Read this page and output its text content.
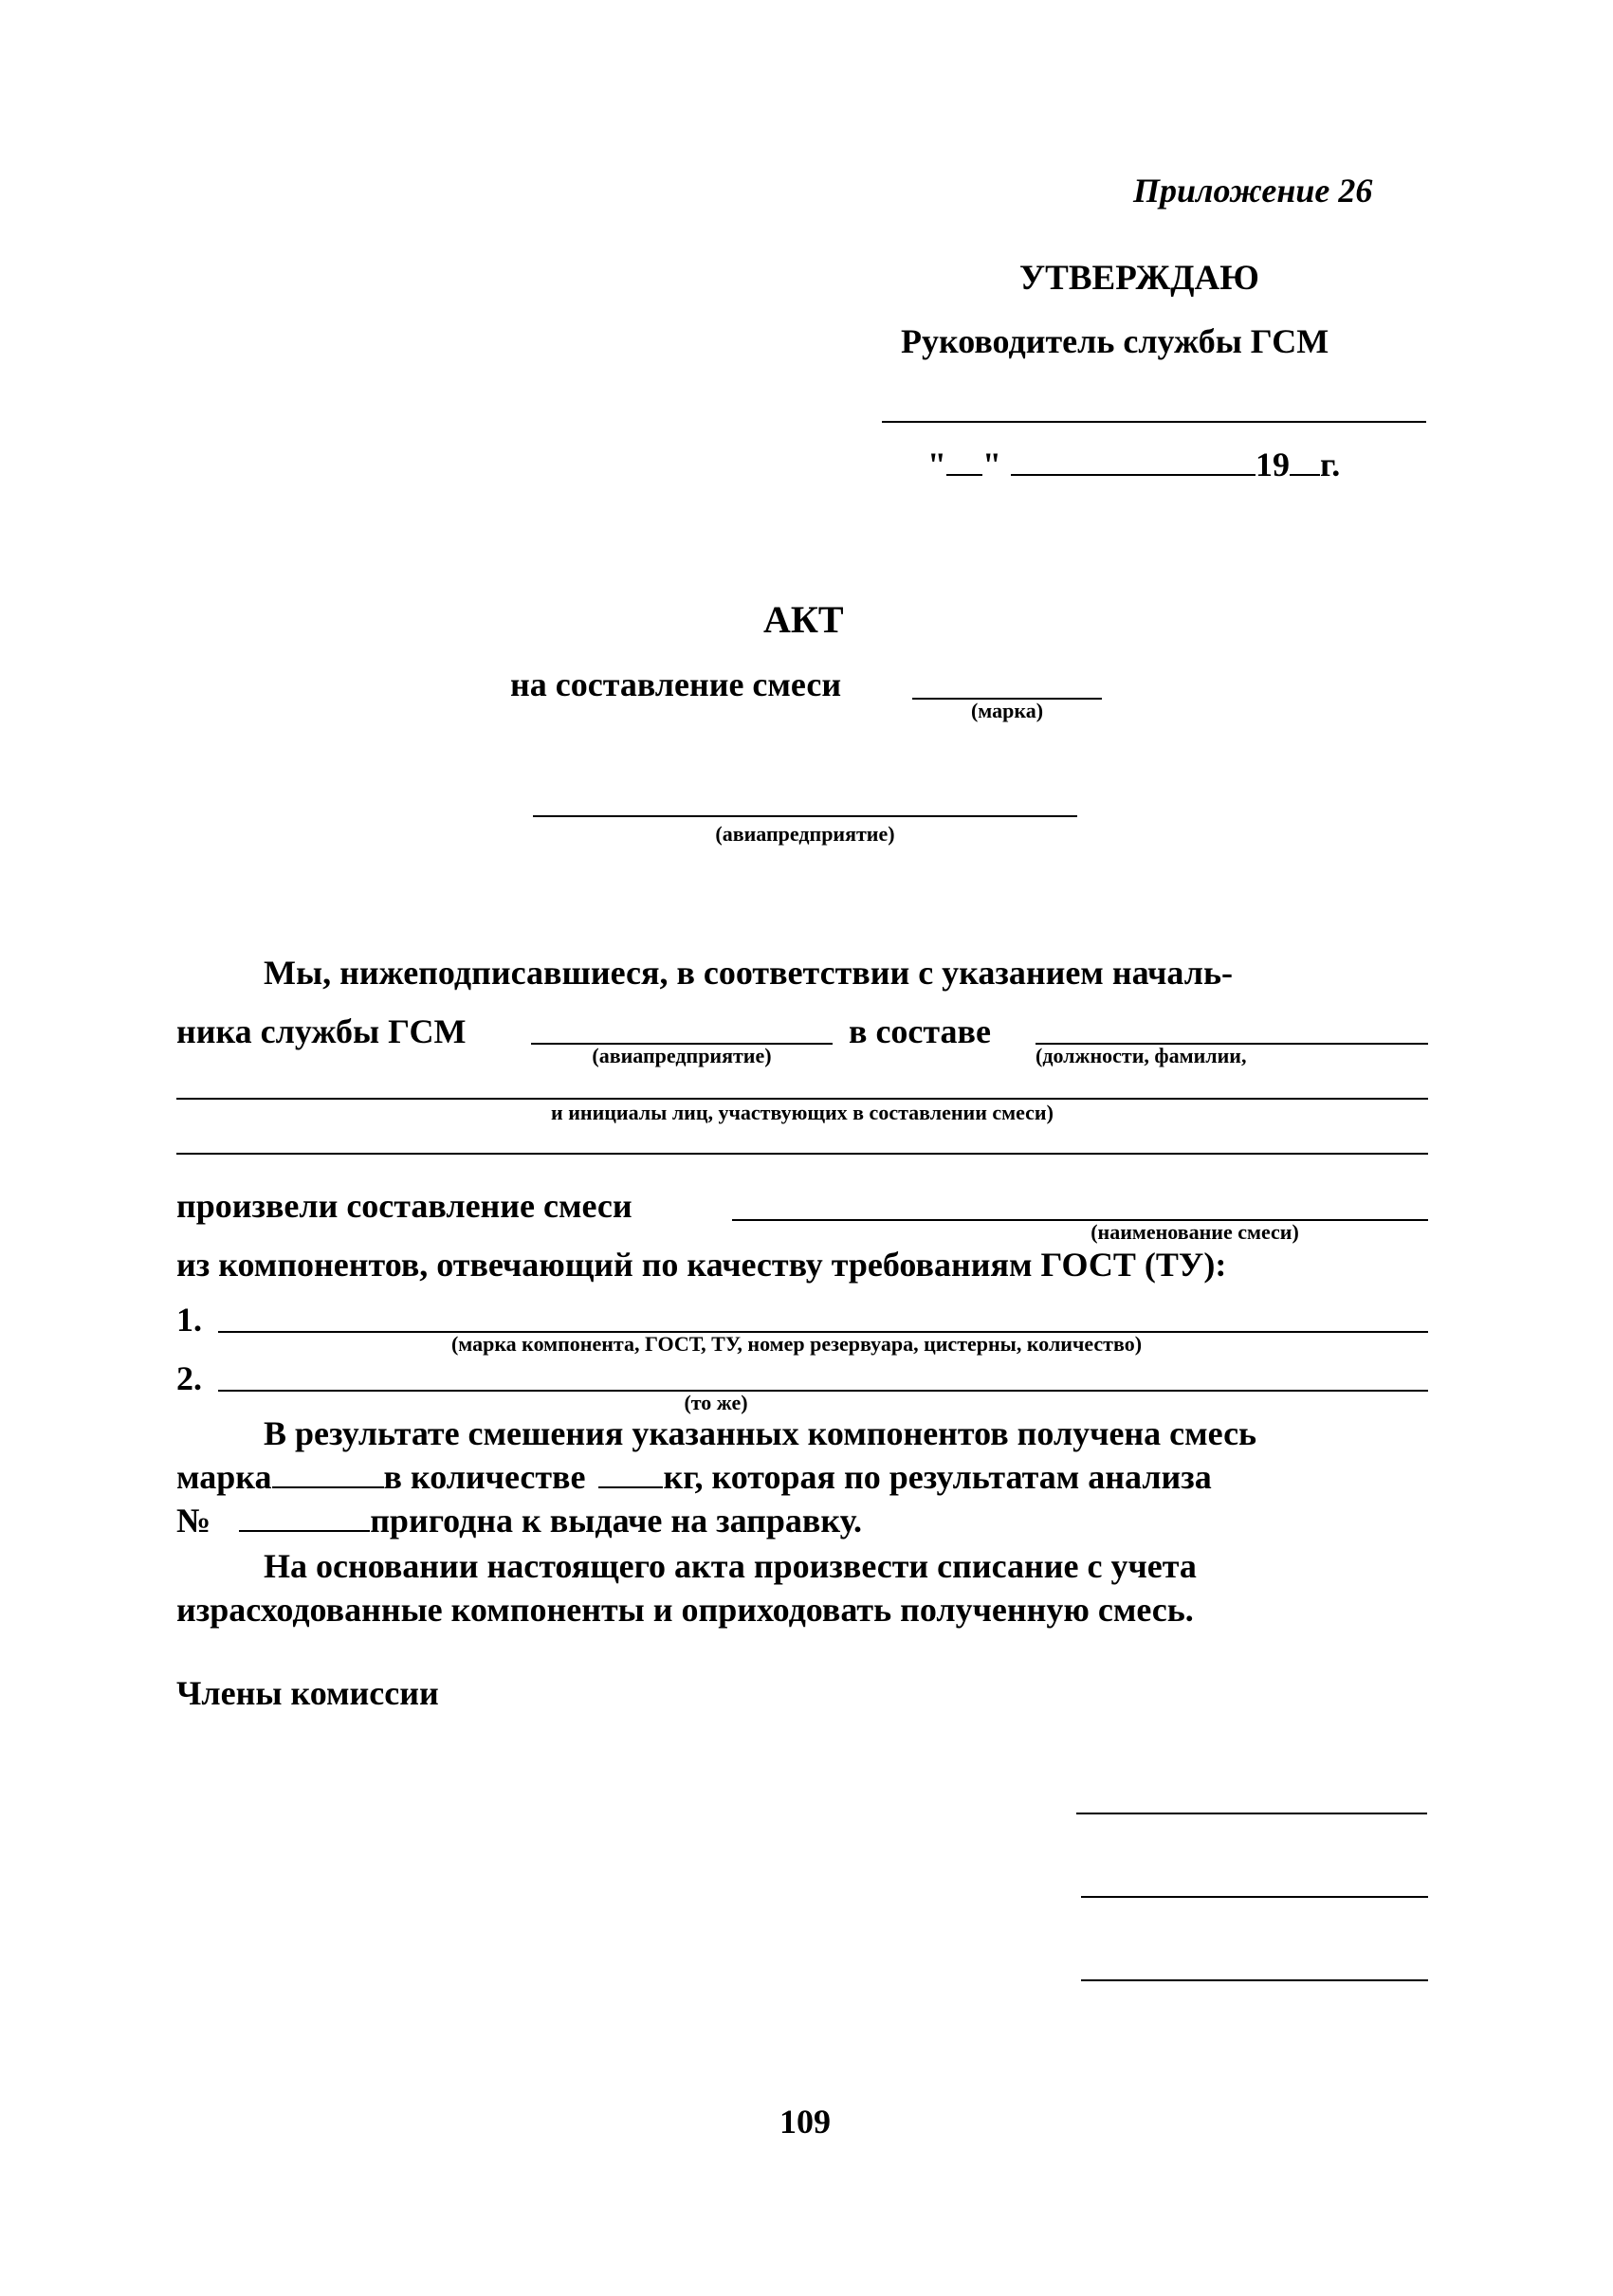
Приложение 26
УТВЕРЖДАЮ
Руководитель службы ГСМ
" "	19 г.
АКТ
на составление смеси
(марка)
(авиапредприятие)
Мы, нижеподписавшиеся, в соответствии с указанием началь-
ника службы ГСМ
(авиапредприятие)
в составе
(должности, фамилии,
и инициалы лиц, участвующих в составлении смеси)
произвели составление смеси
(наименование смеси)
из компонентов, отвечающий по качеству требованиям ГОСТ (ТУ):
1.
(марка компонента, ГОСТ, ТУ, номер резервуара, цистерны, количество)
2.
(то же)
В результате смешения указанных компонентов получена смесь
марка	в количестве кг, которая по результатам анализа
№	пригодна к выдаче на заправку.
На основании настоящего акта произвести списание с учета
израсходованные компоненты и оприходовать полученную смесь.
Члены комиссии
109
